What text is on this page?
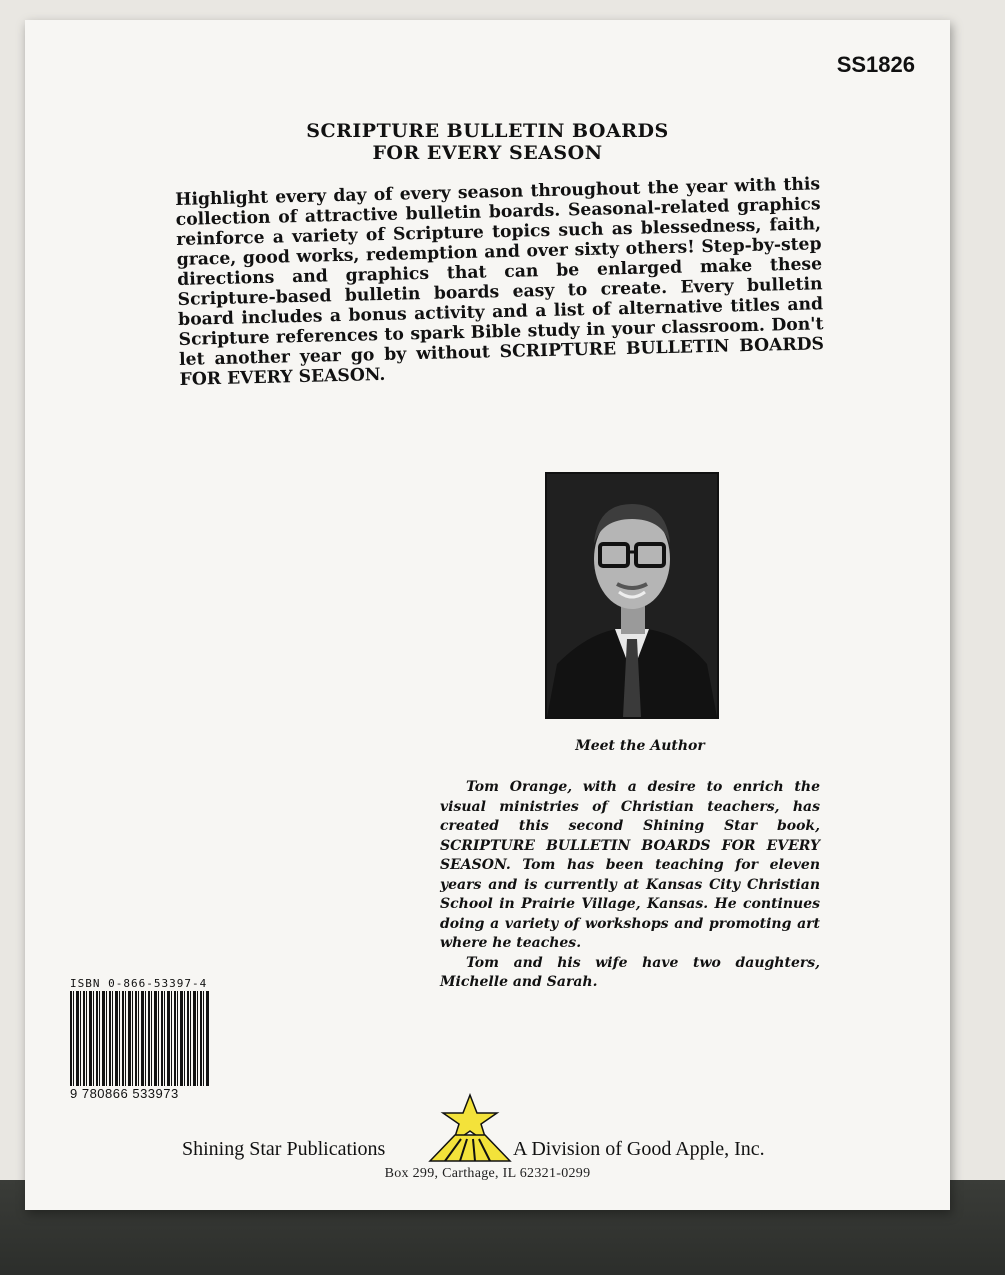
SS1826
SCRIPTURE BULLETIN BOARDS
FOR EVERY SEASON
Highlight every day of every season throughout the year with this collection of attractive bulletin boards. Seasonal-related graphics reinforce a variety of Scripture topics such as blessedness, faith, grace, good works, redemption and over sixty others! Step-by-step directions and graphics that can be enlarged make these Scripture-based bulletin boards easy to create. Every bulletin board includes a bonus activity and a list of alternative titles and Scripture references to spark Bible study in your classroom. Don't let another year go by without SCRIPTURE BULLETIN BOARDS FOR EVERY SEASON.
Meet the Author

Tom Orange, with a desire to enrich the visual ministries of Christian teachers, has created this second Shining Star book, SCRIPTURE BULLETIN BOARDS FOR EVERY SEASON. Tom has been teaching for eleven years and is currently at Kansas City Christian School in Prairie Village, Kansas. He continues doing a variety of workshops and promoting art where he teaches.

Tom and his wife have two daughters, Michelle and Sarah.

ISBN 0-866-53397-4
9 780866 533973
Shining Star Publications	A Division of Good Apple, Inc.
Box 299, Carthage, IL 62321-0299
